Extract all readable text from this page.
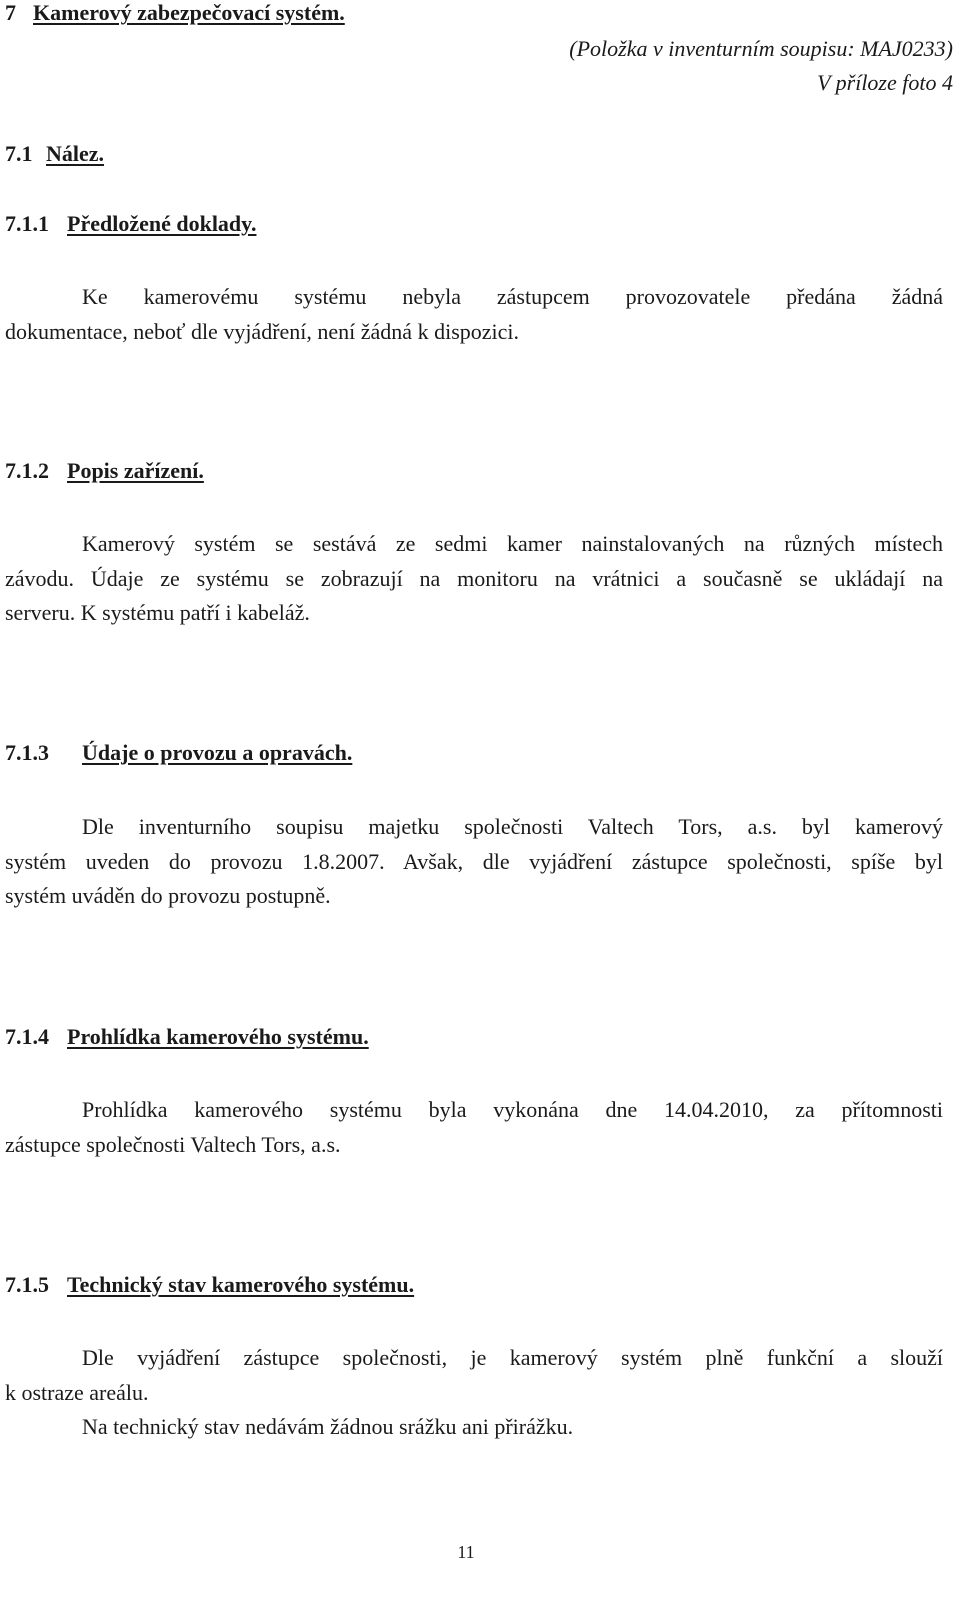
7 Kamerový zabezpečovací systém.
(Položka v inventurním soupisu: MAJ0233)
V příloze foto 4
7.1 Nález.
7.1.1 Předložené doklady.
Ke kamerovému systému nebyla zástupcem provozovatele předána žádná
dokumentace, neboť dle vyjádření, není žádná k dispozici.
7.1.2 Popis zařízení.
Kamerový systém se sestává ze sedmi kamer nainstalovaných na různých místech
závodu. Údaje ze systému se zobrazují na monitoru na vrátnici a současně se ukládají na
serveru. K systému patří i kabeláž.
7.1.3 Údaje o provozu a opravách.
Dle inventurního soupisu majetku společnosti Valtech Tors, a.s. byl kamerový
systém uveden do provozu 1.8.2007. Avšak, dle vyjádření zástupce společnosti, spíše byl
systém uváděn do provozu postupně.
7.1.4 Prohlídka kamerového systému.
Prohlídka kamerového systému byla vykonána dne 14.04.2010, za přítomnosti
zástupce společnosti Valtech Tors, a.s.
7.1.5 Technický stav kamerového systému.
Dle vyjádření zástupce společnosti, je kamerový systém plně funkční a slouží
k ostraze areálu.
Na technický stav nedávám žádnou srážku ani přirážku.
11
